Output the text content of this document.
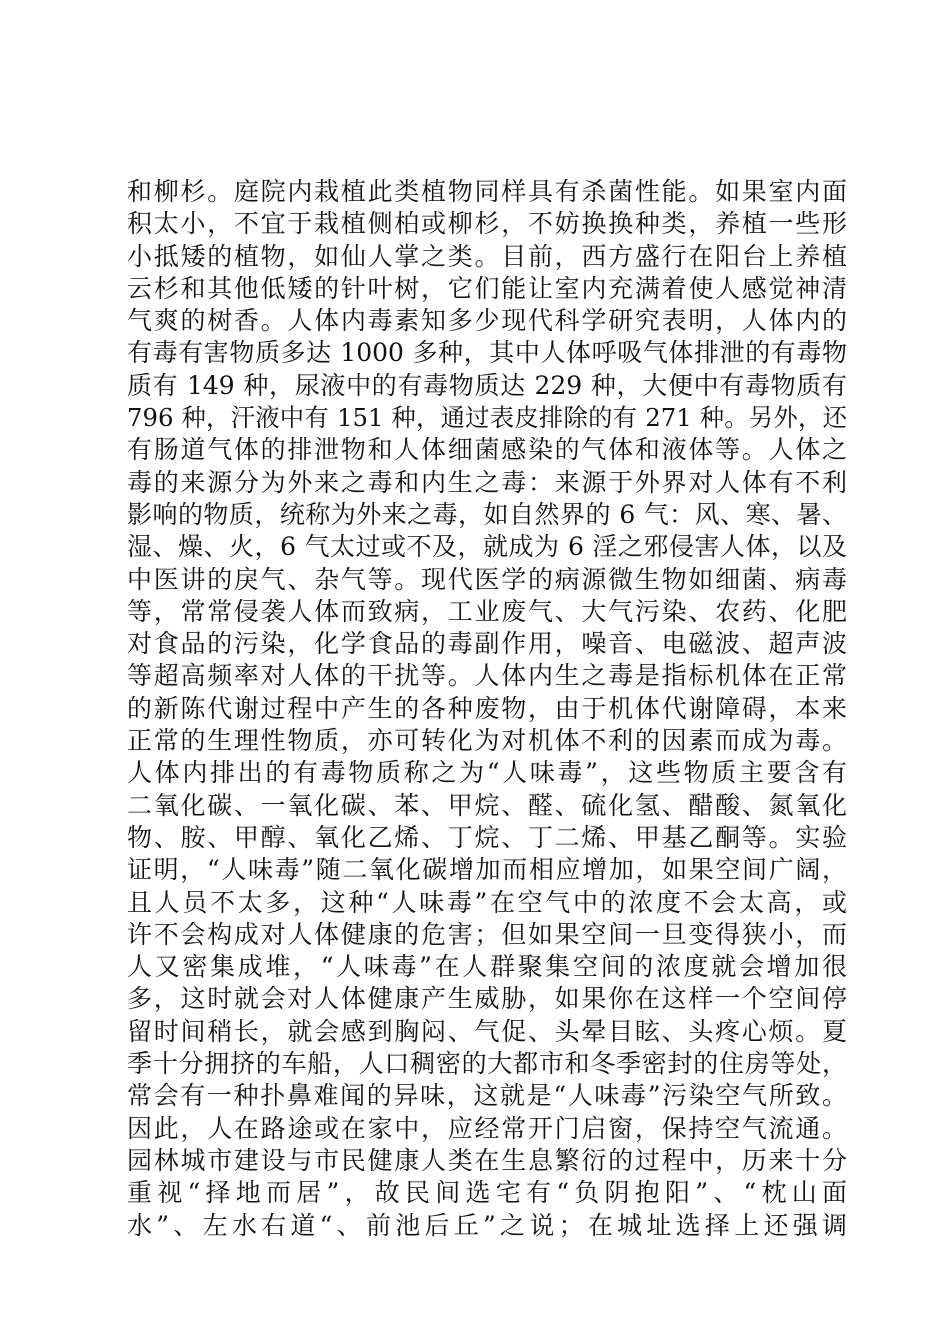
和柳杉。庭院内栽植此类植物同样具有杀菌性能。如果室内面
积太小，不宜于栽植侧柏或柳杉，不妨换换种类，养植一些形
小抵矮的植物，如仙人掌之类。目前，西方盛行在阳台上养植
云杉和其他低矮的针叶树，它们能让室内充满着使人感觉神清
气爽的树香。人体内毒素知多少现代科学研究表明，人体内的
有毒有害物质多达 1000 多种，其中人体呼吸气体排泄的有毒物
质有 149 种，尿液中的有毒物质达 229 种，大便中有毒物质有
796 种，汗液中有 151 种，通过表皮排除的有 271 种。另外，还
有肠道气体的排泄物和人体细菌感染的气体和液体等。人体之
毒的来源分为外来之毒和内生之毒：来源于外界对人体有不利
影响的物质，统称为外来之毒，如自然界的 6 气：风、寒、暑、
湿、燥、火，6 气太过或不及，就成为 6 淫之邪侵害人体，以及
中医讲的戾气、杂气等。现代医学的病源微生物如细菌、病毒
等，常常侵袭人体而致病，工业废气、大气污染、农药、化肥
对食品的污染，化学食品的毒副作用，噪音、电磁波、超声波
等超高频率对人体的干扰等。人体内生之毒是指标机体在正常
的新陈代谢过程中产生的各种废物，由于机体代谢障碍，本来
正常的生理性物质，亦可转化为对机体不利的因素而成为毒。
人体内排出的有毒物质称之为“人味毒”，这些物质主要含有
二氧化碳、一氧化碳、苯、甲烷、醛、硫化氢、醋酸、氮氧化
物、胺、甲醇、氧化乙烯、丁烷、丁二烯、甲基乙酮等。实验
证明，“人味毒”随二氧化碳增加而相应增加，如果空间广阔，
且人员不太多，这种“人味毒”在空气中的浓度不会太高，或
许不会构成对人体健康的危害；但如果空间一旦变得狭小，而
人又密集成堆，“人味毒”在人群聚集空间的浓度就会增加很
多，这时就会对人体健康产生威胁，如果你在这样一个空间停
留时间稍长，就会感到胸闷、气促、头晕目眩、头疼心烦。夏
季十分拥挤的车船，人口稠密的大都市和冬季密封的住房等处，
常会有一种扑鼻难闻的异味，这就是“人味毒”污染空气所致。
因此，人在路途或在家中，应经常开门启窗，保持空气流通。
园林城市建设与市民健康人类在生息繁衍的过程中，历来十分
重视“择地而居”，故民间选宅有“负阴抱阳”、“枕山面
水”、左水右道“、前池后丘”之说；在城址选择上还强调
